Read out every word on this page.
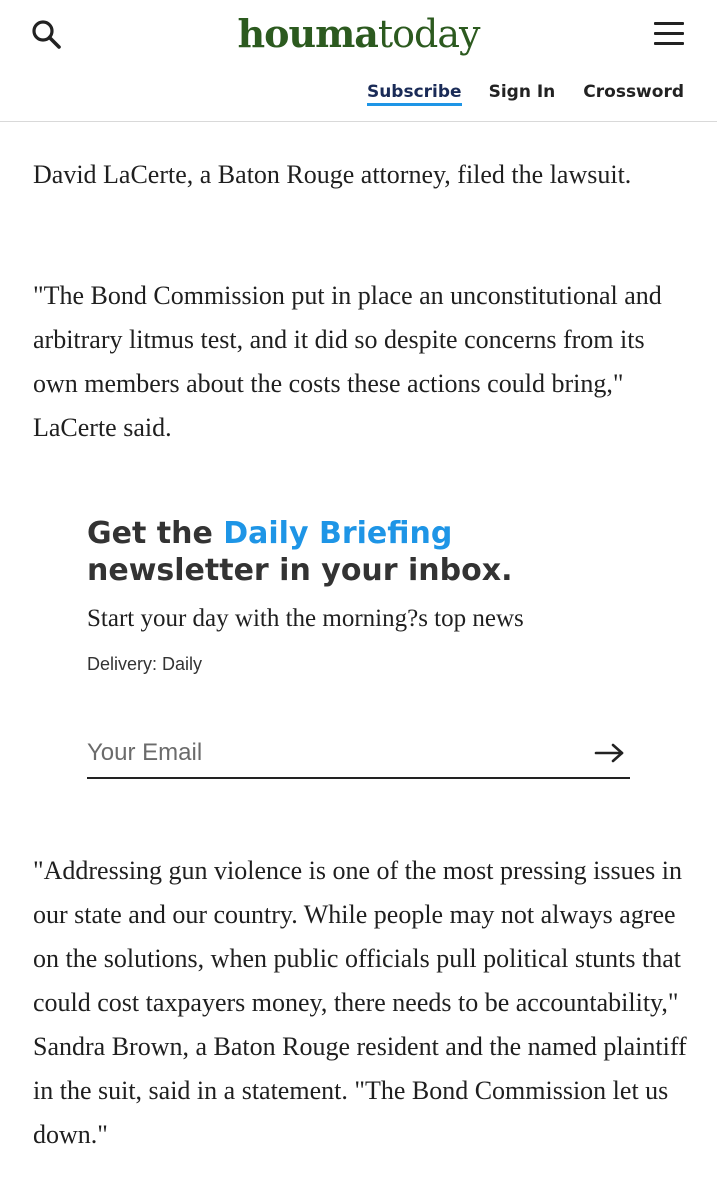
houmatoday
Subscribe Sign In Crossword

David LaCerte, a Baton Rouge attorney, filed the lawsuit.

"The Bond Commission put in place an unconstitutional and arbitrary litmus test, and it did so despite concerns from its own members about the costs these actions could bring," LaCerte said.

Get the Daily Briefing newsletter in your inbox.

Start your day with the morning?s top news

Delivery: Daily

Your Email

"Addressing gun violence is one of the most pressing issues in our state and our country. While people may not always agree on the solutions, when public officials pull political stunts that could cost taxpayers money, there needs to be accountability," Sandra Brown, a Baton Rouge resident and the named plaintiff in the suit, said in a statement. "The Bond Commission let us down."
